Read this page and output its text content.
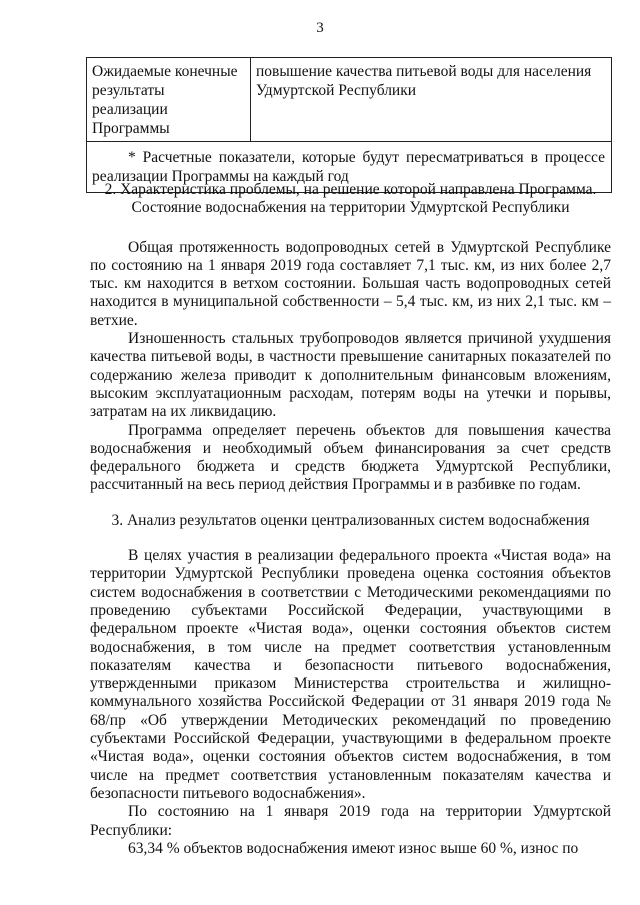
3
Ожидаемые конечные результаты реализации Программы	повышение качества питьевой воды для населения Удмуртской Республики
* Расчетные показатели, которые будут пересматриваться в процессе реализации Программы на каждый год

2. Характеристика проблемы, на решение которой направлена Программа.

Состояние водоснабжения на территории Удмуртской Республики

Общая протяженность водопроводных сетей в Удмуртской Республике по состоянию на 1 января 2019 года составляет 7,1 тыс. км, из них более 2,7 тыс. км находится в ветхом состоянии. Большая часть водопроводных сетей находится в муниципальной собственности – 5,4 тыс. км, из них 2,1 тыс. км – ветхие.

Изношенность стальных трубопроводов является причиной ухудшения качества питьевой воды, в частности превышение санитарных показателей по содержанию железа приводит к дополнительным финансовым вложениям, высоким эксплуатационным расходам, потерям воды на утечки и порывы, затратам на их ликвидацию.

Программа определяет перечень объектов для повышения качества водоснабжения и необходимый объем финансирования за счет средств федерального бюджета и средств бюджета Удмуртской Республики, рассчитанный на весь период действия Программы и в разбивке по годам.

3. Анализ результатов оценки централизованных систем водоснабжения

В целях участия в реализации федерального проекта «Чистая вода» на территории Удмуртской Республики проведена оценка состояния объектов систем водоснабжения в соответствии с Методическими рекомендациями по проведению субъектами Российской Федерации, участвующими в федеральном проекте «Чистая вода», оценки состояния объектов систем водоснабжения, в том числе на предмет соответствия установленным показателям качества и безопасности питьевого водоснабжения, утвержденными приказом Министерства строительства и жилищно-коммунального хозяйства Российской Федерации от 31 января 2019 года № 68/пр «Об утверждении Методических рекомендаций по проведению субъектами Российской Федерации, участвующими в федеральном проекте «Чистая вода», оценки состояния объектов систем водоснабжения, в том числе на предмет соответствия установленным показателям качества и безопасности питьевого водоснабжения».

По состоянию на 1 января 2019 года на территории Удмуртской Республики:

63,34 % объектов водоснабжения имеют износ выше 60 %, износ по
